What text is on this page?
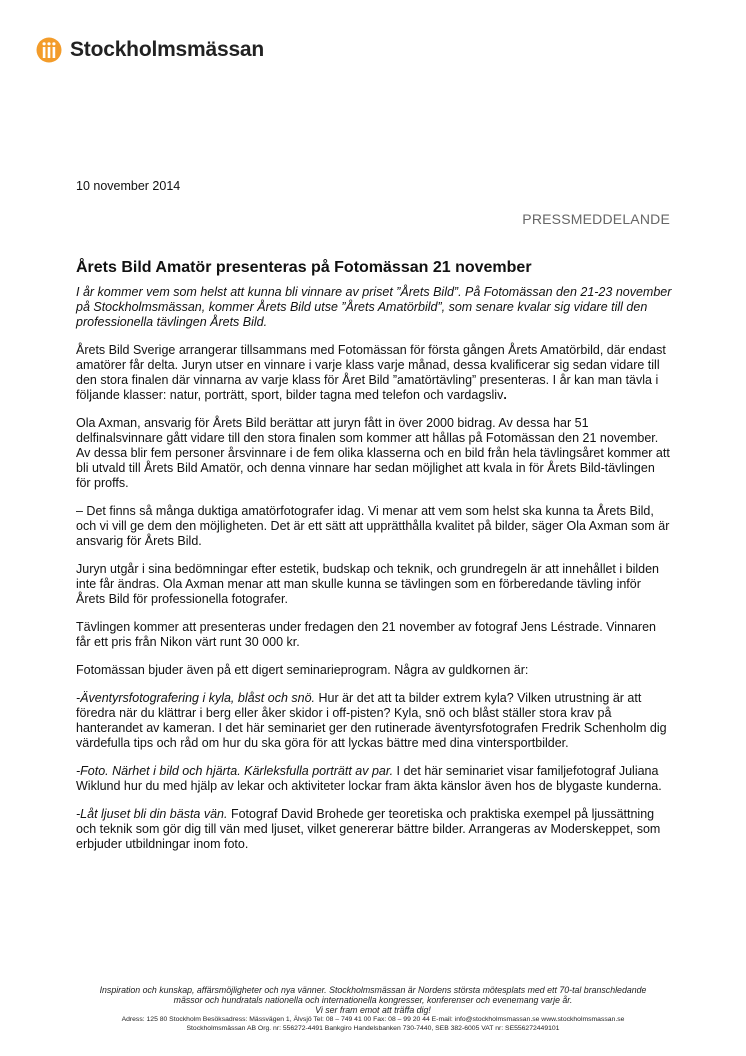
Stockholmsmässan
10 november 2014
PRESSMEDDELANDE
Årets Bild Amatör presenteras på Fotomässan 21 november

I år kommer vem som helst att kunna bli vinnare av priset ”Årets Bild”. På Fotomässan den 21-23 november på Stockholmsmässan, kommer Årets Bild utse ”Årets Amatörbild”, som senare kvalar sig vidare till den professionella tävlingen Årets Bild.

Årets Bild Sverige arrangerar tillsammans med Fotomässan för första gången Årets Amatörbild, där endast amatörer får delta. Juryn utser en vinnare i varje klass varje månad, dessa kvalificerar sig sedan vidare till den stora finalen där vinnarna av varje klass för Året Bild ”amatörtävling” presenteras. I år kan man tävla i följande klasser: natur, porträtt, sport, bilder tagna med telefon och vardagsliv.

Ola Axman, ansvarig för Årets Bild berättar att juryn fått in över 2000 bidrag. Av dessa har 51 delfinalsvinnare gått vidare till den stora finalen som kommer att hållas på Fotomässan den 21 november. Av dessa blir fem personer årsvinnare i de fem olika klasserna och en bild från hela tävlingsåret kommer att bli utvald till Årets Bild Amatör, och denna vinnare har sedan möjlighet att kvala in för Årets Bild-tävlingen för proffs.

– Det finns så många duktiga amatörfotografer idag. Vi menar att vem som helst ska kunna ta Årets Bild, och vi vill ge dem den möjligheten. Det är ett sätt att upprätthålla kvalitet på bilder, säger Ola Axman som är ansvarig för Årets Bild.

Juryn utgår i sina bedömningar efter estetik, budskap och teknik, och grundregeln är att innehållet i bilden inte får ändras. Ola Axman menar att man skulle kunna se tävlingen som en förberedande tävling inför Årets Bild för professionella fotografer.

Tävlingen kommer att presenteras under fredagen den 21 november av fotograf Jens Léstrade. Vinnaren får ett pris från Nikon värt runt 30 000 kr.

Fotomässan bjuder även på ett digert seminarieprogram. Några av guldkornen är:

-Äventyrsfotografering i kyla, blåst och snö. Hur är det att ta bilder extrem kyla? Vilken utrustning är att föredra när du klättrar i berg eller åker skidor i off-pisten? Kyla, snö och blåst ställer stora krav på hanterandet av kameran. I det här seminariet ger den rutinerade äventyrsfotografen Fredrik Schenholm dig värdefulla tips och råd om hur du ska göra för att lyckas bättre med dina vintersportbilder.

-Foto. Närhet i bild och hjärta. Kärleksfulla porträtt av par. I det här seminariet visar familjefotograf Juliana Wiklund hur du med hjälp av lekar och aktiviteter lockar fram äkta känslor även hos de blygaste kunderna.

-Låt ljuset bli din bästa vän. Fotograf David Brohede ger teoretiska och praktiska exempel på ljussättning och teknik som gör dig till vän med ljuset, vilket genererar bättre bilder. Arrangeras av Moderskeppet, som erbjuder utbildningar inom foto.

Inspiration och kunskap, affärsmöjligheter och nya vänner. Stockholmsmässan är Nordens största mötesplats med ett 70-tal branschledande mässor och hundratals nationella och internationella kongresser, konferenser och evenemang varje år.
Vi ser fram emot att träffa dig!
Adress: 125 80 Stockholm Besöksadress: Mässvägen 1, Älvsjö Tel: 08 – 749 41 00 Fax: 08 – 99 20 44 E-mail: info@stockholmsmassan.se www.stockholmsmassan.se
Stockholmsmässan AB Org. nr: 556272-4491 Bankgiro Handelsbanken 730-7440, SEB 382-6005 VAT nr: SE556272449101
